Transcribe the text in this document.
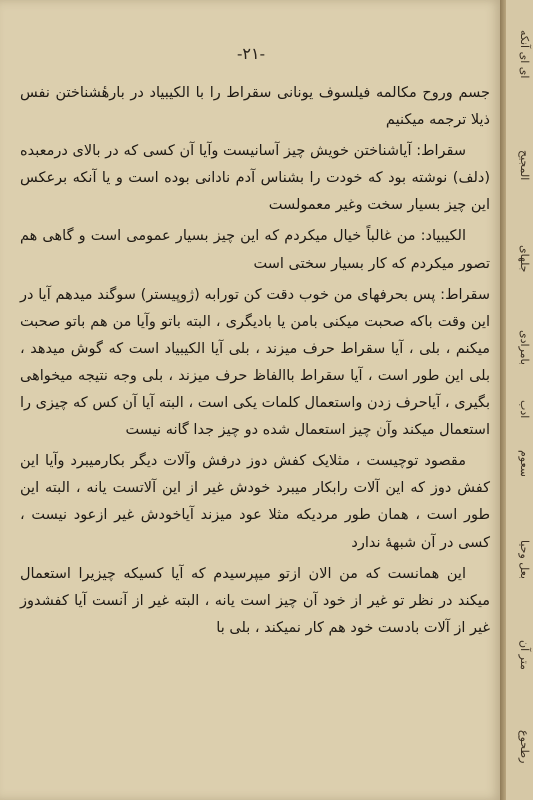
-۲۱-

جسم وروح مکالمه فیلسوف یونانی سقراط را با الکیبیاد در بارهٔشناختن نفس ذیلا ترجمه میکنیم

سقراط: آیاشناختن خویش چیز آسانیست وآیا آن کسی که در بالای درمعبده (دلف) نوشته بود که خودت را بشناس آدم نادانی بوده است و یا آنکه برعکس این چیز بسیار سخت وغیر معمولست

الکیبیاد: من غالباً خیال میکردم که این چیز بسیار عمومی است و گاهی هم تصور میکردم که کار بسیار سختی است

سقراط: پس بحرفهای من خوب دقت کن تورابه (ژوپیستر) سوگند میدهم آیا در این وقت باکه صحبت میکنی بامن یا بادیگری ، البته باتو وآیا من هم باتو صحبت میکنم ، بلی ، آیا سقراط حرف میزند ، بلی آیا الکیبیاد است که گوش میدهد ، بلی این طور است ، آیا سقراط باالفاظ حرف میزند ، بلی وجه نتیجه میخواهی بگیری ، آیاحرف زدن واستعمال کلمات یکی است ، البته آیا آن کس که چیزی را استعمال میکند وآن چیز استعمال شده دو چیز جدا گانه نیست

مقصود توچیست ، مثلایک کفش دوز درفش وآلات دیگر بکارمیبرد وآیا این کفش دوز که این آلات رابکار میبرد خودش غیر از این آلاتست یانه ، البته این طور است ، همان طور مردیکه مثلا عود میزند آیاخودش غیر ازعود نیست ، کسی در آن شبههٔ ندارد

این همانست که من الان ازتو میپرسیدم که آیا کسیکه چیزیرا استعمال میکند در نظر تو غیر از خود آن چیز است یانه ، البته غیر از آنست آیا کفشدوز غیر از آلات بادست خود هم کار نمیکند ، بلی با

ای ای آنکه
المجیح
جلهای
بامرادی
ادب
سعوم
بعل وحیا
متر آن
رطحوع
